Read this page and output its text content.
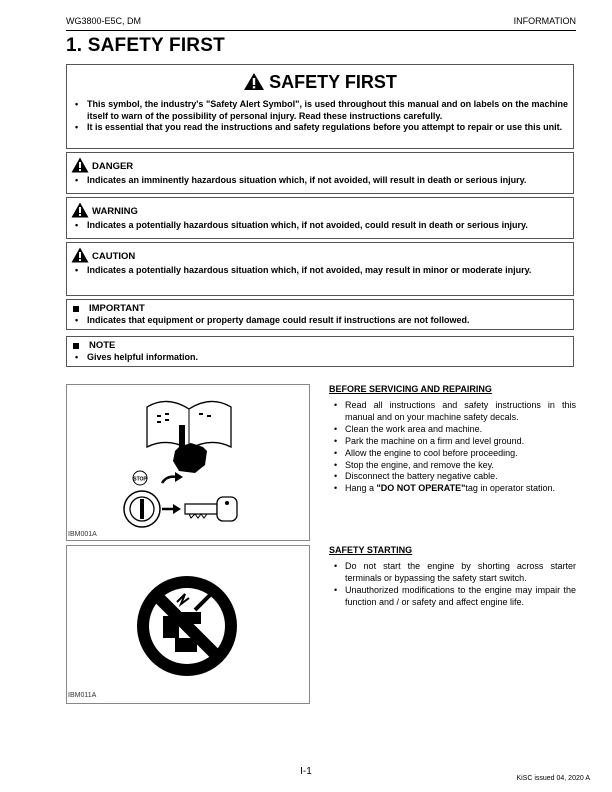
WG3800-E5C, DM	INFORMATION
1. SAFETY FIRST
SAFETY FIRST
• This symbol, the industry's "Safety Alert Symbol", is used throughout this manual and on labels on the machine itself to warn of the possibility of personal injury. Read these instructions carefully.
• It is essential that you read the instructions and safety regulations before you attempt to repair or use this unit.
DANGER
• Indicates an imminently hazardous situation which, if not avoided, will result in death or serious injury.
WARNING
• Indicates a potentially hazardous situation which, if not avoided, could result in death or serious injury.
CAUTION
• Indicates a potentially hazardous situation which, if not avoided, may result in minor or moderate injury.
IMPORTANT
• Indicates that equipment or property damage could result if instructions are not followed.
NOTE
• Gives helpful information.
STOP
IBM001A
IBM011A
BEFORE SERVICING AND REPAIRING
• Read all instructions and safety instructions in this manual and on your machine safety decals.
• Clean the work area and machine.
• Park the machine on a firm and level ground.
• Allow the engine to cool before proceeding.
• Stop the engine, and remove the key.
• Disconnect the battery negative cable.
• Hang a "DO NOT OPERATE"tag in operator station.
SAFETY STARTING
• Do not start the engine by shorting across starter terminals or bypassing the safety start switch.
• Unauthorized modifications to the engine may impair the function and / or safety and affect engine life.
I-1
KiSC issued 04, 2020 A
